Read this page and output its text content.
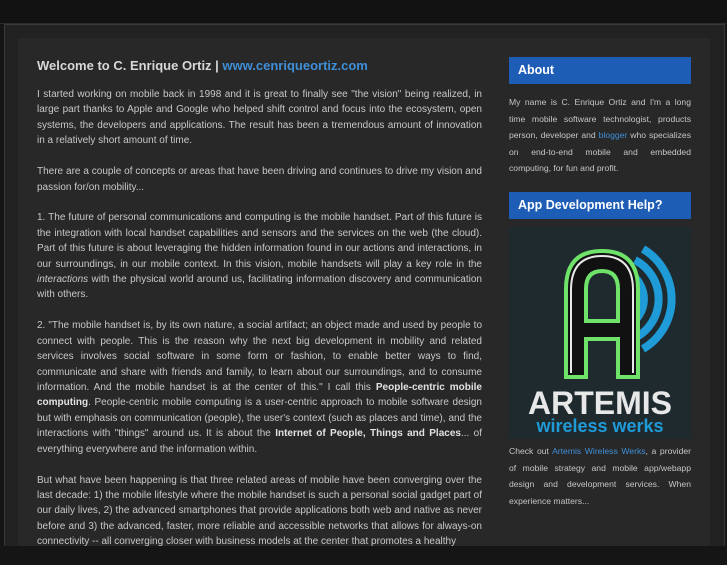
Welcome to C. Enrique Ortiz | www.cenriqueortiz.com

I started working on mobile back in 1998 and it is great to finally see "the vision" being realized, in large part thanks to Apple and Google who helped shift control and focus into the ecosystem, open systems, the developers and applications. The result has been a tremendous amount of innovation in a relatively short amount of time.

There are a couple of concepts or areas that have been driving and continues to drive my vision and passion for/on mobility...

1. The future of personal communications and computing is the mobile handset. Part of this future is the integration with local handset capabilities and sensors and the services on the web (the cloud). Part of this future is about leveraging the hidden information found in our actions and interactions, in our surroundings, in our mobile context. In this vision, mobile handsets will play a key role in the interactions with the physical world around us, facilitating information discovery and communication with others.

2. "The mobile handset is, by its own nature, a social artifact; an object made and used by people to connect with people. This is the reason why the next big development in mobility and related services involves social software in some form or fashion, to enable better ways to find, communicate and share with friends and family, to learn about our surroundings, and to consume information. And the mobile handset is at the center of this." I call this People-centric mobile computing. People-centric mobile computing is a user-centric approach to mobile software design but with emphasis on communication (people), the user's context (such as places and time), and the interactions with "things" around us. It is about the Internet of People, Things and Places... of everything everywhere and the information within.

But what have been happening is that three related areas of mobile have been converging over the last decade: 1) the mobile lifestyle where the mobile handset is such a personal social gadget part of our daily lives, 2) the advanced smartphones that provide applications both web and native as never before and 3) the advanced, faster, more reliable and accessible networks that allows for always-on connectivity -- all converging closer with business models at the center that promotes a healthy

About

My name is C. Enrique Ortiz and I'm a long time mobile software technologist, products person, developer and blogger who specializes on end-to-end mobile and embedded computing, for fun and profit.

App Development Help?
ARTEMIS
wireless werks

Check out Artemis Wireless Werks, a provider of mobile strategy and mobile app/webapp design and development services. When experience matters...
